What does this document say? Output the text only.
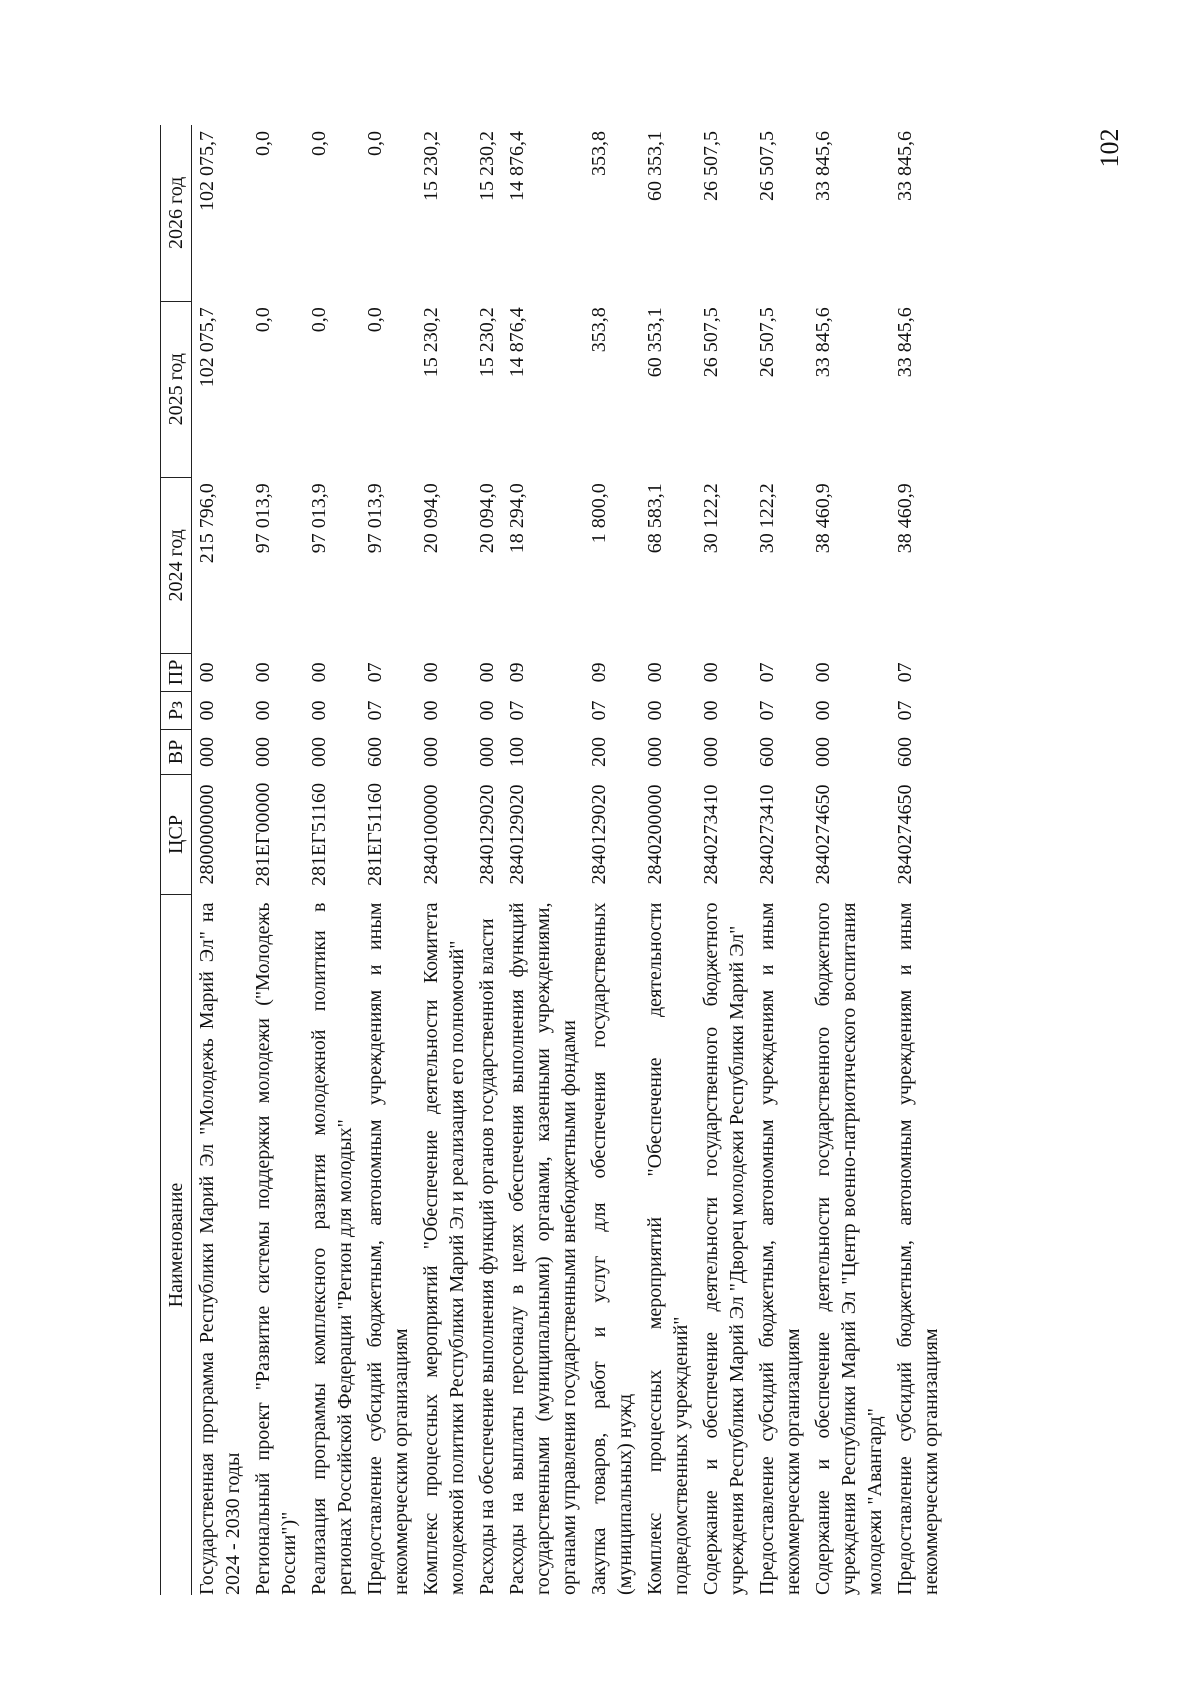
102
Наименование	ЦСР	ВР	Рз	ПР	2024 год	2025 год	2026 год
Государственная программа Республики Марий Эл "Молодежь Марий Эл" на 2024 - 2030 годы	2800000000	000	00	00	215 796,0	102 075,7	102 075,7
Региональный проект "Развитие системы поддержки молодежи ("Молодежь России")"	281ЕГ00000	000	00	00	97 013,9	0,0	0,0
Реализация программы комплексного развития молодежной политики в регионах Российской Федерации "Регион для молодых"	281ЕГ51160	000	00	00	97 013,9	0,0	0,0
Предоставление субсидий бюджетным, автономным учреждениям и иным некоммерческим организациям	281ЕГ51160	600	07	07	97 013,9	0,0	0,0
Комплекс процессных мероприятий "Обеспечение деятельности Комитета молодежной политики Республики Марий Эл и реализация его полномочий"	2840100000	000	00	00	20 094,0	15 230,2	15 230,2
Расходы на обеспечение выполнения функций органов государственной власти	2840129020	000	00	00	20 094,0	15 230,2	15 230,2
Расходы на выплаты персоналу в целях обеспечения выполнения функций государственными (муниципальными) органами, казенными учреждениями, органами управления государственными внебюджетными фондами	2840129020	100	07	09	18 294,0	14 876,4	14 876,4
Закупка товаров, работ и услуг для обеспечения государственных (муниципальных) нужд	2840129020	200	07	09	1 800,0	353,8	353,8
Комплекс процессных мероприятий "Обеспечение деятельности подведомственных учреждений"	2840200000	000	00	00	68 583,1	60 353,1	60 353,1
Содержание и обеспечение деятельности государственного бюджетного учреждения Республики Марий Эл "Дворец молодежи Республики Марий Эл"	2840273410	000	00	00	30 122,2	26 507,5	26 507,5
Предоставление субсидий бюджетным, автономным учреждениям и иным некоммерческим организациям	2840273410	600	07	07	30 122,2	26 507,5	26 507,5
Содержание и обеспечение деятельности государственного бюджетного учреждения Республики Марий Эл "Центр военно-патриотического воспитания молодежи "Авангард"	2840274650	000	00	00	38 460,9	33 845,6	33 845,6
Предоставление субсидий бюджетным, автономным учреждениям и иным некоммерческим организациям	2840274650	600	07	07	38 460,9	33 845,6	33 845,6
